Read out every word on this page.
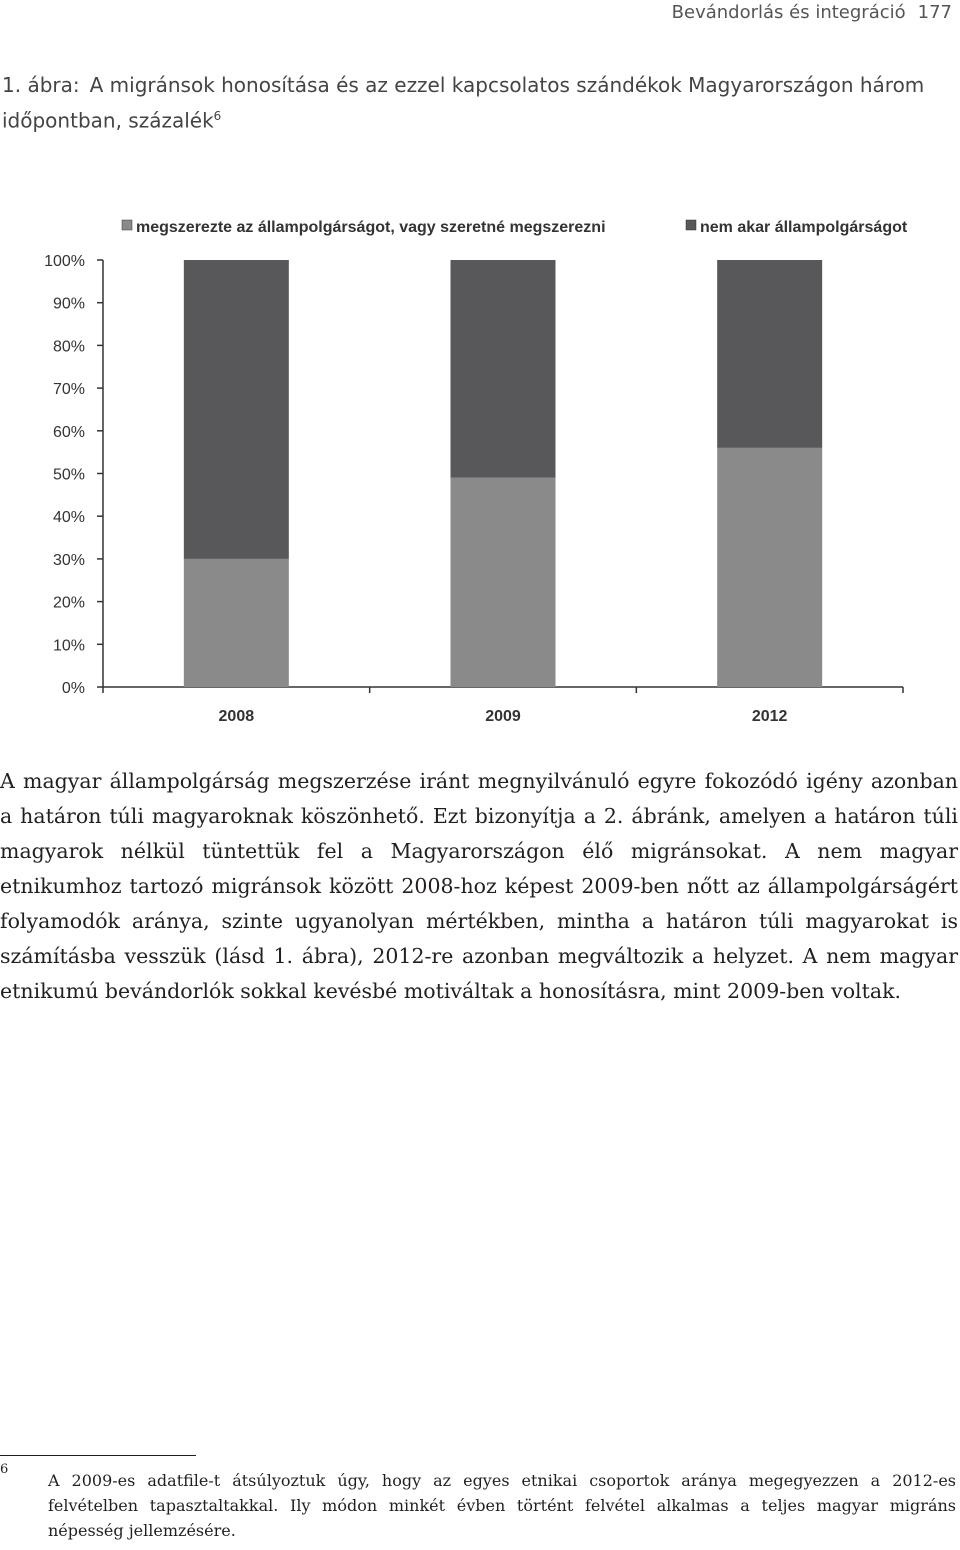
Bevándorlás és integráció 177
1. ábra: A migránsok honosítása és az ezzel kapcsolatos szándékok Magyarországon három időpontban, százalék$^6$
0%
10%
20%
30%
40%
50%
60%
70%
80%
90%
100%
2008	2009	2012
megszerezte az állampolgárságot, vagy szeretné megszerezni	nem akar állampolgárságot

A magyar állampolgárság megszerzése iránt megnyilvánuló egyre fokozódó igény azonban a határon túli magyaroknak köszönhető. Ezt bizonyítja a 2. ábránk, amelyen a határon túli magyarok nélkül tüntettük fel a Magyarországon élő migránsokat. A nem magyar etnikumhoz tartozó migránsok között 2008-hoz képest 2009-ben nőtt az állampolgárságért folyamodók aránya, szinte ugyanolyan mértékben, mintha a határon túli magyarokat is számításba vesszük (lásd 1. ábra), 2012-re azonban megváltozik a helyzet. A nem magyar etnikumú bevándorlók sokkal kevésbé motiváltak a honosításra, mint 2009-ben voltak.

6

A 2009-es adatfile-t átsúlyoztuk úgy, hogy az egyes etnikai csoportok aránya megegyezzen a 2012-es felvételben tapasztaltakkal. Ily módon minkét évben történt felvétel alkalmas a teljes magyar migráns népesség jellemzésére.
